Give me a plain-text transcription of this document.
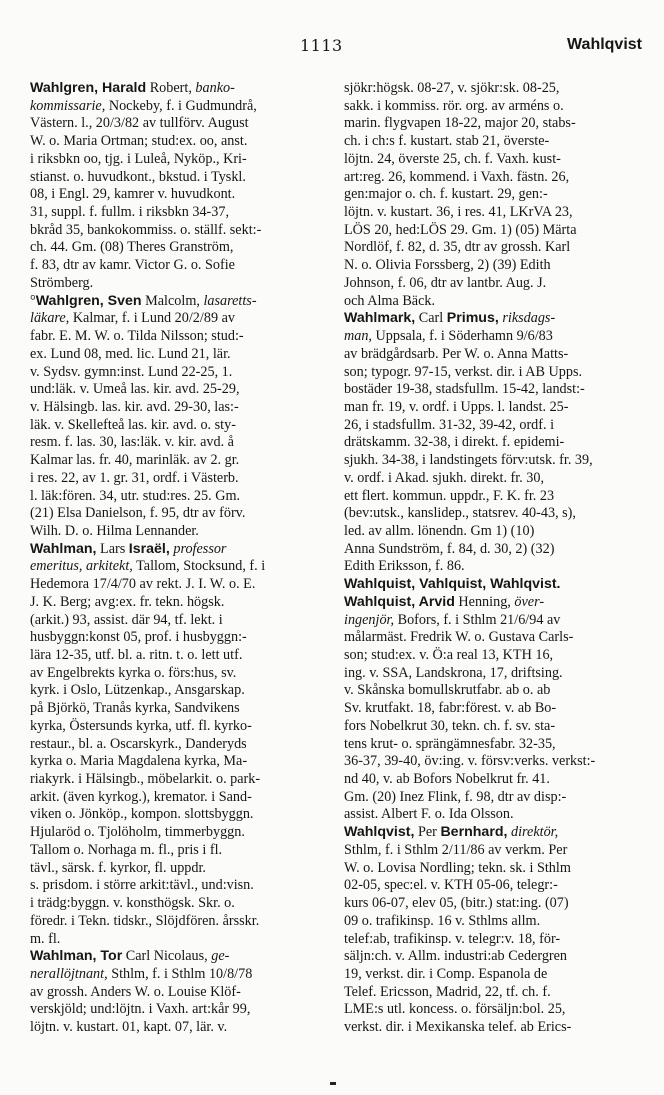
1113	Wahlqvist
Wahlgren, Harald Robert, banko-
kommissarie, Nockeby, f. i Gudmundrå,
Västern. l., 20/3/82 av tullförv. August
W. o. Maria Ortman; stud:ex. oo, anst.
i riksbkn oo, tjg. i Luleå, Nyköp., Kri-
stianst. o. huvudkont., bkstud. i Tyskl.
08, i Engl. 29, kamrer v. huvudkont.
31, suppl. f. fullm. i riksbkn 34-37,
bkråd 35, bankokommiss. o. ställf. sekt:-
ch. 44. Gm. (08) Theres Granström,
f. 83, dtr av kamr. Victor G. o. Sofie
Strömberg.
°Wahlgren, Sven Malcolm, lasaretts-
läkare, Kalmar, f. i Lund 20/2/89 av
fabr. E. M. W. o. Tilda Nilsson; stud:-
ex. Lund 08, med. lic. Lund 21, lär.
v. Sydsv. gymn:inst. Lund 22-25, 1.
und:läk. v. Umeå las. kir. avd. 25-29,
v. Hälsingb. las. kir. avd. 29-30, las:-
läk. v. Skellefteå las. kir. avd. o. sty-
resm. f. las. 30, las:läk. v. kir. avd. å
Kalmar las. fr. 40, marinläk. av 2. gr.
i res. 22, av 1. gr. 31, ordf. i Västerb.
l. läk:fören. 34, utr. stud:res. 25. Gm.
(21) Elsa Danielson, f. 95, dtr av förv.
Wilh. D. o. Hilma Lennander.
Wahlman, Lars Israël, professor
emeritus, arkitekt, Tallom, Stocksund, f. i
Hedemora 17/4/70 av rekt. J. I. W. o. E.
J. K. Berg; avg:ex. fr. tekn. högsk.
(arkit.) 93, assist. där 94, tf. lekt. i
husbyggn:konst 05, prof. i husbyggn:-
lära 12-35, utf. bl. a. ritn. t. o. lett utf.
av Engelbrekts kyrka o. förs:hus, sv.
kyrk. i Oslo, Lützenkap., Ansgarskap.
på Björkö, Tranås kyrka, Sandvikens
kyrka, Östersunds kyrka, utf. fl. kyrko-
restaur., bl. a. Oscarskyrk., Danderyds
kyrka o. Maria Magdalena kyrka, Ma-
riakyrk. i Hälsingb., möbelarkit. o. park-
arkit. (även kyrkog.), kremator. i Sand-
viken o. Jönköp., kompon. slottsbyggn.
Hjularöd o. Tjolöholm, timmerbyggn.
Tallom o. Norhaga m. fl., pris i fl.
tävl., särsk. f. kyrkor, fl. uppdr.
s. prisdom. i större arkit:tävl., und:visn.
i trädg:byggn. v. konsthögsk. Skr. o.
föredr. i Tekn. tidskr., Slöjdfören. årsskr.
m. fl.
Wahlman, Tor Carl Nicolaus, ge-
nerallöjtnant, Sthlm, f. i Sthlm 10/8/78
av grossh. Anders W. o. Louise Klöf-
verskjöld; und:löjtn. i Vaxh. art:kår 99,
löjtn. v. kustart. 01, kapt. 07, lär. v.
sjökr:högsk. 08-27, v. sjökr:sk. 08-25,
sakk. i kommiss. rör. org. av arméns o.
marin. flygvapen 18-22, major 20, stabs-
ch. i ch:s f. kustart. stab 21, överste-
löjtn. 24, överste 25, ch. f. Vaxh. kust-
art:reg. 26, kommend. i Vaxh. fästn. 26,
gen:major o. ch. f. kustart. 29, gen:-
löjtn. v. kustart. 36, i res. 41, LKrVA 23,
LÖS 20, hed:LÖS 29. Gm. 1) (05) Märta
Nordlöf, f. 82, d. 35, dtr av grossh. Karl
N. o. Olivia Forssberg, 2) (39) Edith
Johnson, f. 06, dtr av lantbr. Aug. J.
och Alma Bäck.
Wahlmark, Carl Primus, riksdags-
man, Uppsala, f. i Söderhamn 9/6/83
av brädgårdsarb. Per W. o. Anna Matts-
son; typogr. 97-15, verkst. dir. i AB Upps.
bostäder 19-38, stadsfullm. 15-42, landst:-
man fr. 19, v. ordf. i Upps. l. landst. 25-
26, i stadsfullm. 31-32, 39-42, ordf. i
drätskamm. 32-38, i direkt. f. epidemi-
sjukh. 34-38, i landstingets förv:utsk. fr. 39,
v. ordf. i Akad. sjukh. direkt. fr. 30,
ett flert. kommun. uppdr., F. K. fr. 23
(bev:utsk., kanslidep., statsrev. 40-43, s),
led. av allm. lönendn. Gm 1) (10)
Anna Sundström, f. 84, d. 30, 2) (32)
Edith Eriksson, f. 86.
Wahlquist, Vahlquist, Wahlqvist.
Wahlquist, Arvid Henning, över-
ingenjör, Bofors, f. i Sthlm 21/6/94 av
målarmäst. Fredrik W. o. Gustava Carls-
son; stud:ex. v. Ö:a real 13, KTH 16,
ing. v. SSA, Landskrona, 17, driftsing.
v. Skånska bomullskrutfabr. ab o. ab
Sv. krutfakt. 18, fabr:förest. v. ab Bo-
fors Nobelkrut 30, tekn. ch. f. sv. sta-
tens krut- o. sprängämnesfabr. 32-35,
36-37, 39-40, öv:ing. v. försv:verks. verkst:-
nd 40, v. ab Bofors Nobelkrut fr. 41.
Gm. (20) Inez Flink, f. 98, dtr av disp:-
assist. Albert F. o. Ida Olsson.
Wahlqvist, Per Bernhard, direktör,
Sthlm, f. i Sthlm 2/11/86 av verkm. Per
W. o. Lovisa Nordling; tekn. sk. i Sthlm
02-05, spec:el. v. KTH 05-06, telegr:-
kurs 06-07, elev 05, (bitr.) stat:ing. (07)
09 o. trafikinsp. 16 v. Sthlms allm.
telef:ab, trafikinsp. v. telegr:v. 18, för-
säljn:ch. v. Allm. industri:ab Cedergren
19, verkst. dir. i Comp. Espanola de
Telef. Ericsson, Madrid, 22, tf. ch. f.
LME:s utl. koncess. o. försäljn:bol. 25,
verkst. dir. i Mexikanska telef. ab Erics-
